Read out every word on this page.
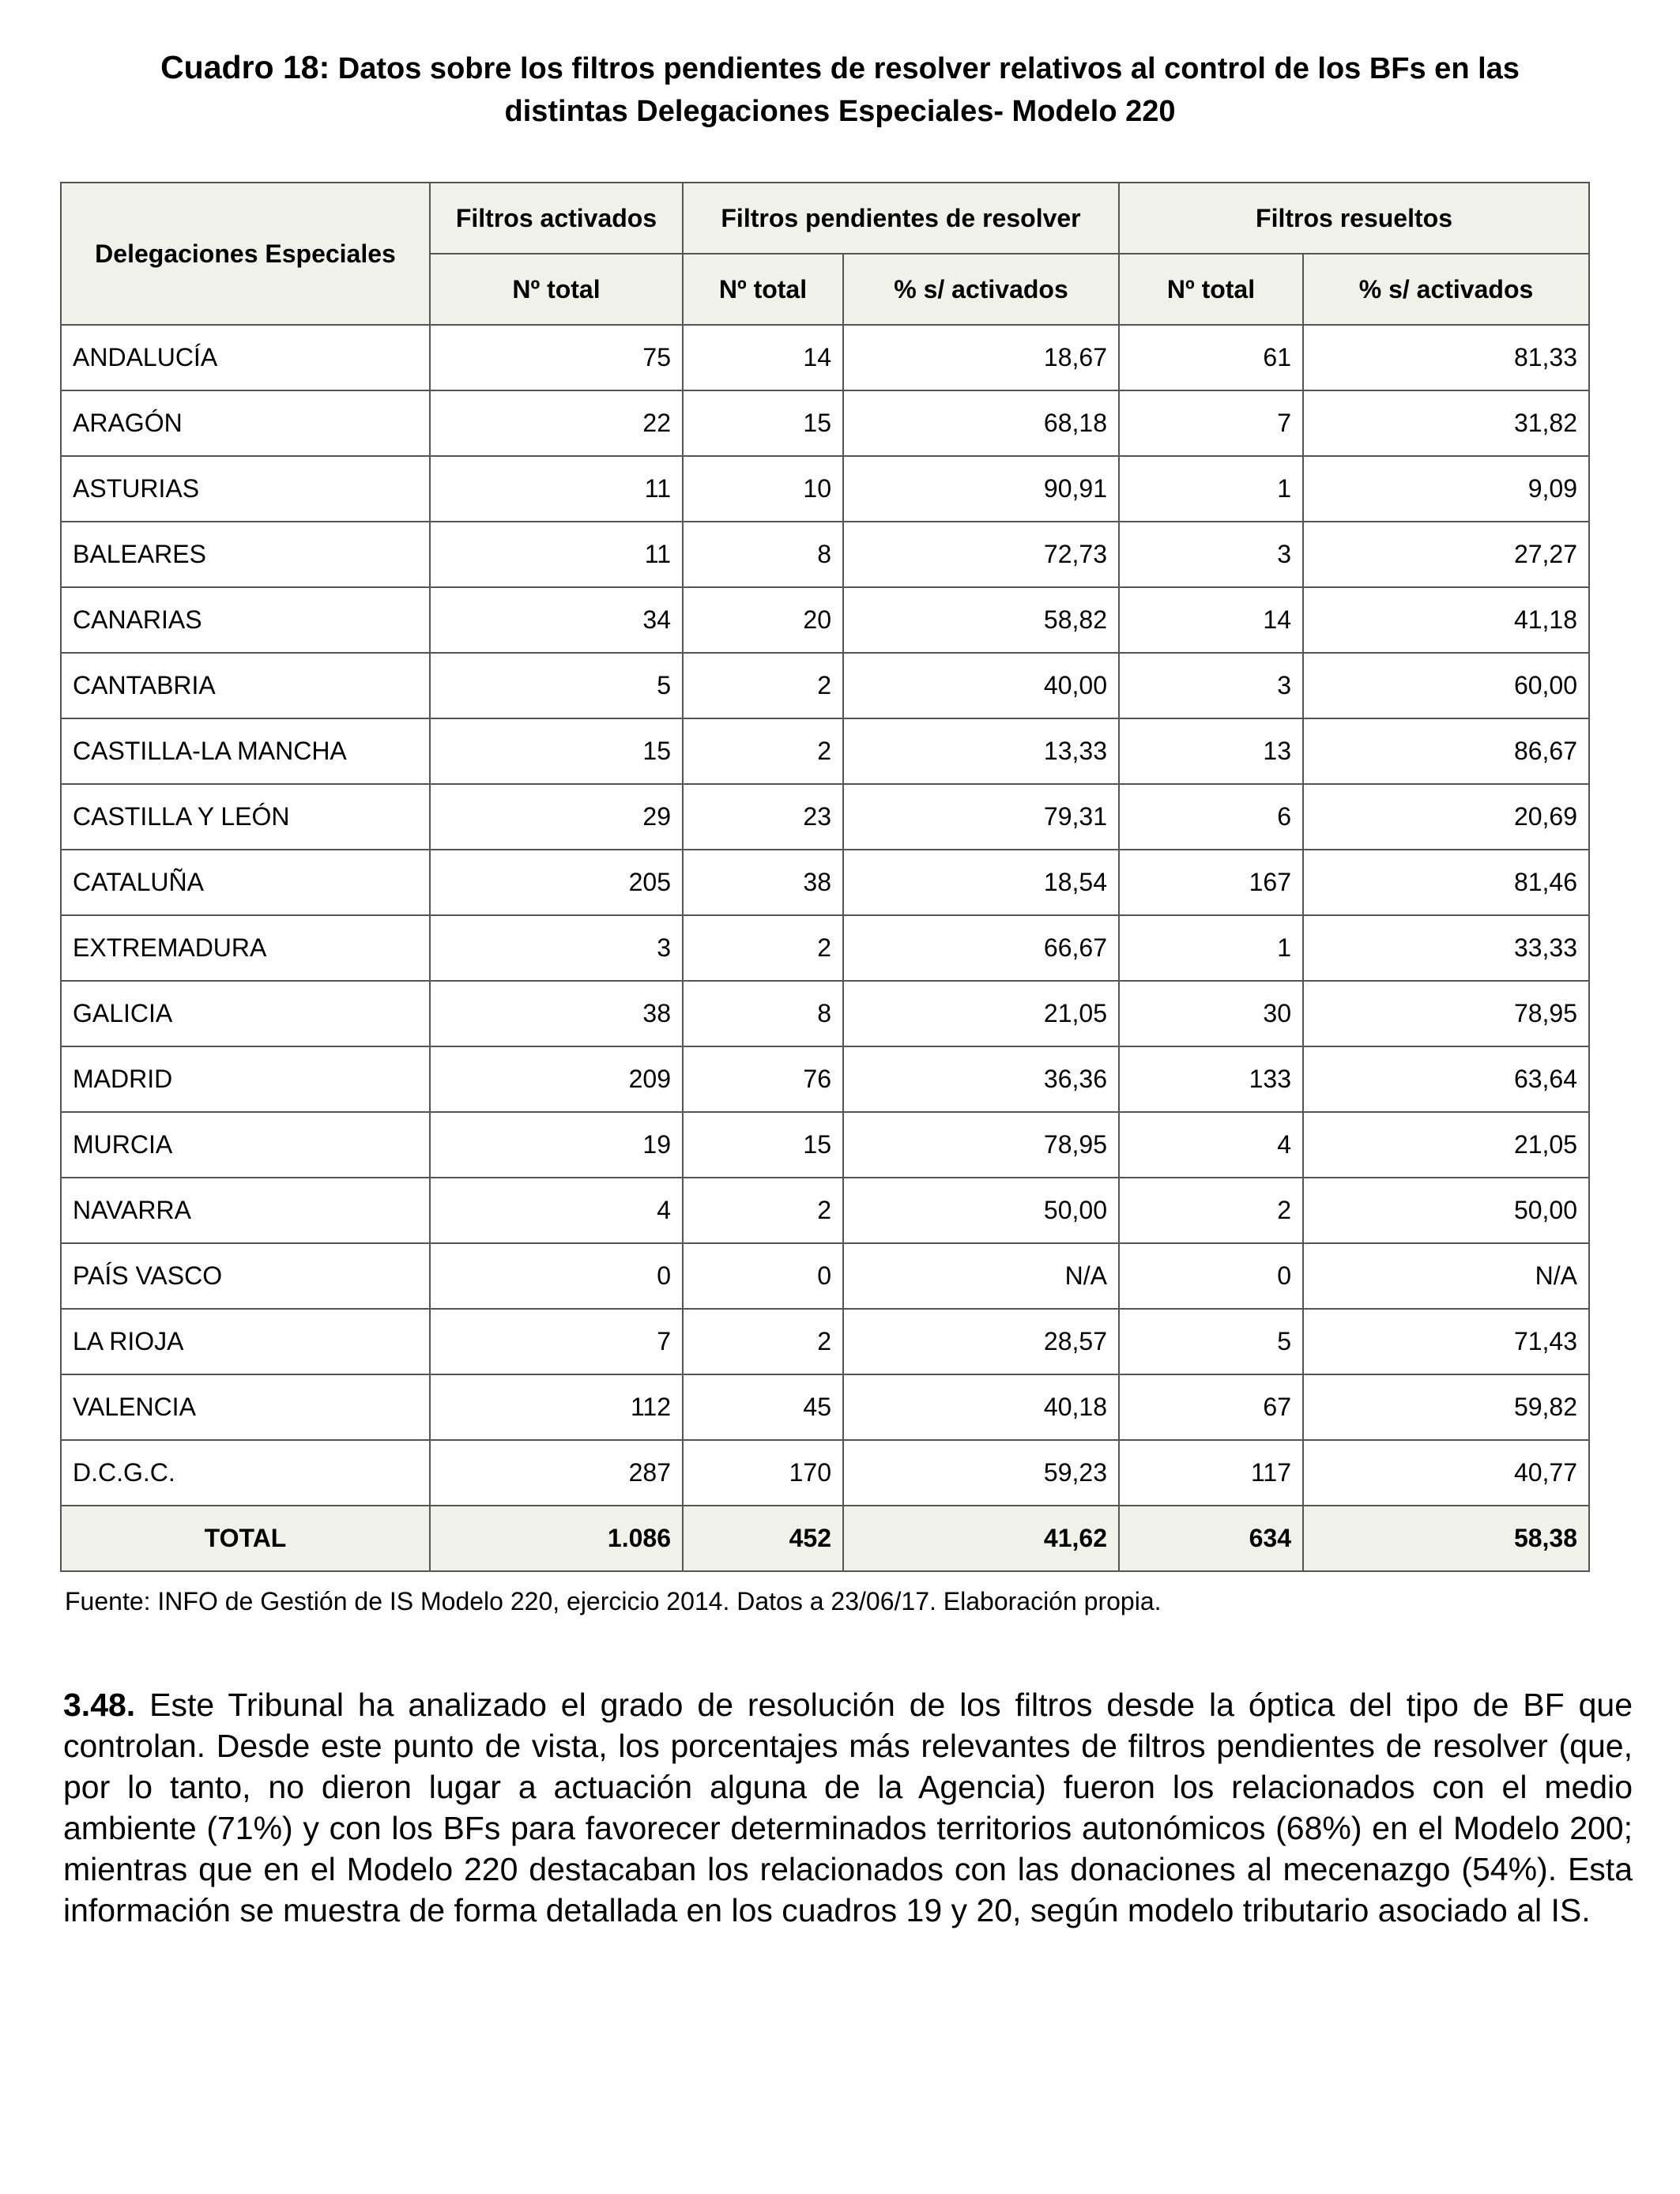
Cuadro 18: Datos sobre los filtros pendientes de resolver relativos al control de los BFs en las
distintas Delegaciones Especiales- Modelo 220
Delegaciones Especiales	Filtros activados	Filtros pendientes de resolver		Filtros resueltos	
	Nº total	Nº total	% s/ activados	Nº total	% s/ activados
ANDALUCÍA	75	14	18,67	61	81,33
ARAGÓN	22	15	68,18	7	31,82
ASTURIAS	11	10	90,91	1	9,09
BALEARES	11	8	72,73	3	27,27
CANARIAS	34	20	58,82	14	41,18
CANTABRIA	5	2	40,00	3	60,00
CASTILLA-LA MANCHA	15	2	13,33	13	86,67
CASTILLA Y LEÓN	29	23	79,31	6	20,69
CATALUÑA	205	38	18,54	167	81,46
EXTREMADURA	3	2	66,67	1	33,33
GALICIA	38	8	21,05	30	78,95
MADRID	209	76	36,36	133	63,64
MURCIA	19	15	78,95	4	21,05
NAVARRA	4	2	50,00	2	50,00
PAÍS VASCO	0	0	N/A	0	N/A
LA RIOJA	7	2	28,57	5	71,43
VALENCIA	112	45	40,18	67	59,82
D.C.G.C.	287	170	59,23	117	40,77
TOTAL	1.086	452	41,62	634	58,38
Fuente: INFO de Gestión de IS Modelo 220, ejercicio 2014. Datos a 23/06/17. Elaboración propia.

3.48. Este Tribunal ha analizado el grado de resolución de los filtros desde la óptica del tipo de BF que controlan. Desde este punto de vista, los porcentajes más relevantes de filtros pendientes de resolver (que, por lo tanto, no dieron lugar a actuación alguna de la Agencia) fueron los relacionados con el medio ambiente (71%) y con los BFs para favorecer determinados territorios autonómicos (68%) en el Modelo 200; mientras que en el Modelo 220 destacaban los relacionados con las donaciones al mecenazgo (54%). Esta información se muestra de forma detallada en los cuadros 19 y 20, según modelo tributario asociado al IS.
